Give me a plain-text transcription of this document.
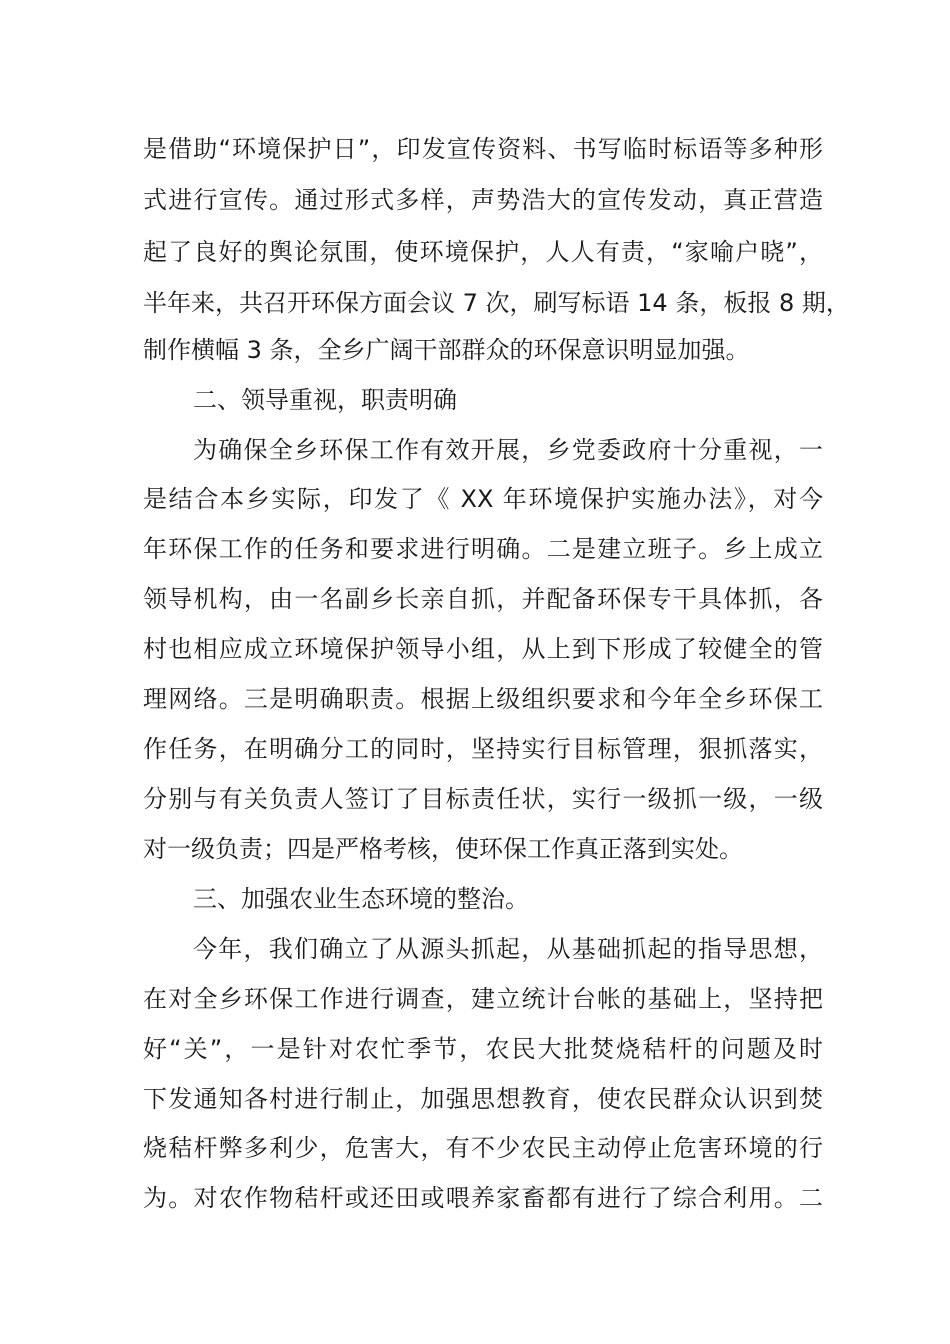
是借助“环境保护日”，印发宣传资料、书写临时标语等多种形
式进行宣传。通过形式多样，声势浩大的宣传发动，真正营造
起了良好的舆论氛围，使环境保护，人人有责，“家喻户晓”，
半年来，共召开环保方面会议 7 次，刷写标语 14 条，板报 8 期，
制作横幅 3 条，全乡广阔干部群众的环保意识明显加强。
二、领导重视，职责明确
为确保全乡环保工作有效开展，乡党委政府十分重视，一
是结合本乡实际，印发了《 XX 年环境保护实施办法》，对今
年环保工作的任务和要求进行明确。二是建立班子。乡上成立
领导机构，由一名副乡长亲自抓，并配备环保专干具体抓，各
村也相应成立环境保护领导小组，从上到下形成了较健全的管
理网络。三是明确职责。根据上级组织要求和今年全乡环保工
作任务，在明确分工的同时，坚持实行目标管理，狠抓落实，
分别与有关负责人签订了目标责任状，实行一级抓一级，一级
对一级负责；四是严格考核，使环保工作真正落到实处。
三、加强农业生态环境的整治。
今年，我们确立了从源头抓起，从基础抓起的指导思想，
在对全乡环保工作进行调查，建立统计台帐的基础上，坚持把
好“关”，一是针对农忙季节，农民大批焚烧秸杆的问题及时
下发通知各村进行制止，加强思想教育，使农民群众认识到焚
烧秸杆弊多利少，危害大，有不少农民主动停止危害环境的行
为。对农作物秸杆或还田或喂养家畜都有进行了综合利用。二
